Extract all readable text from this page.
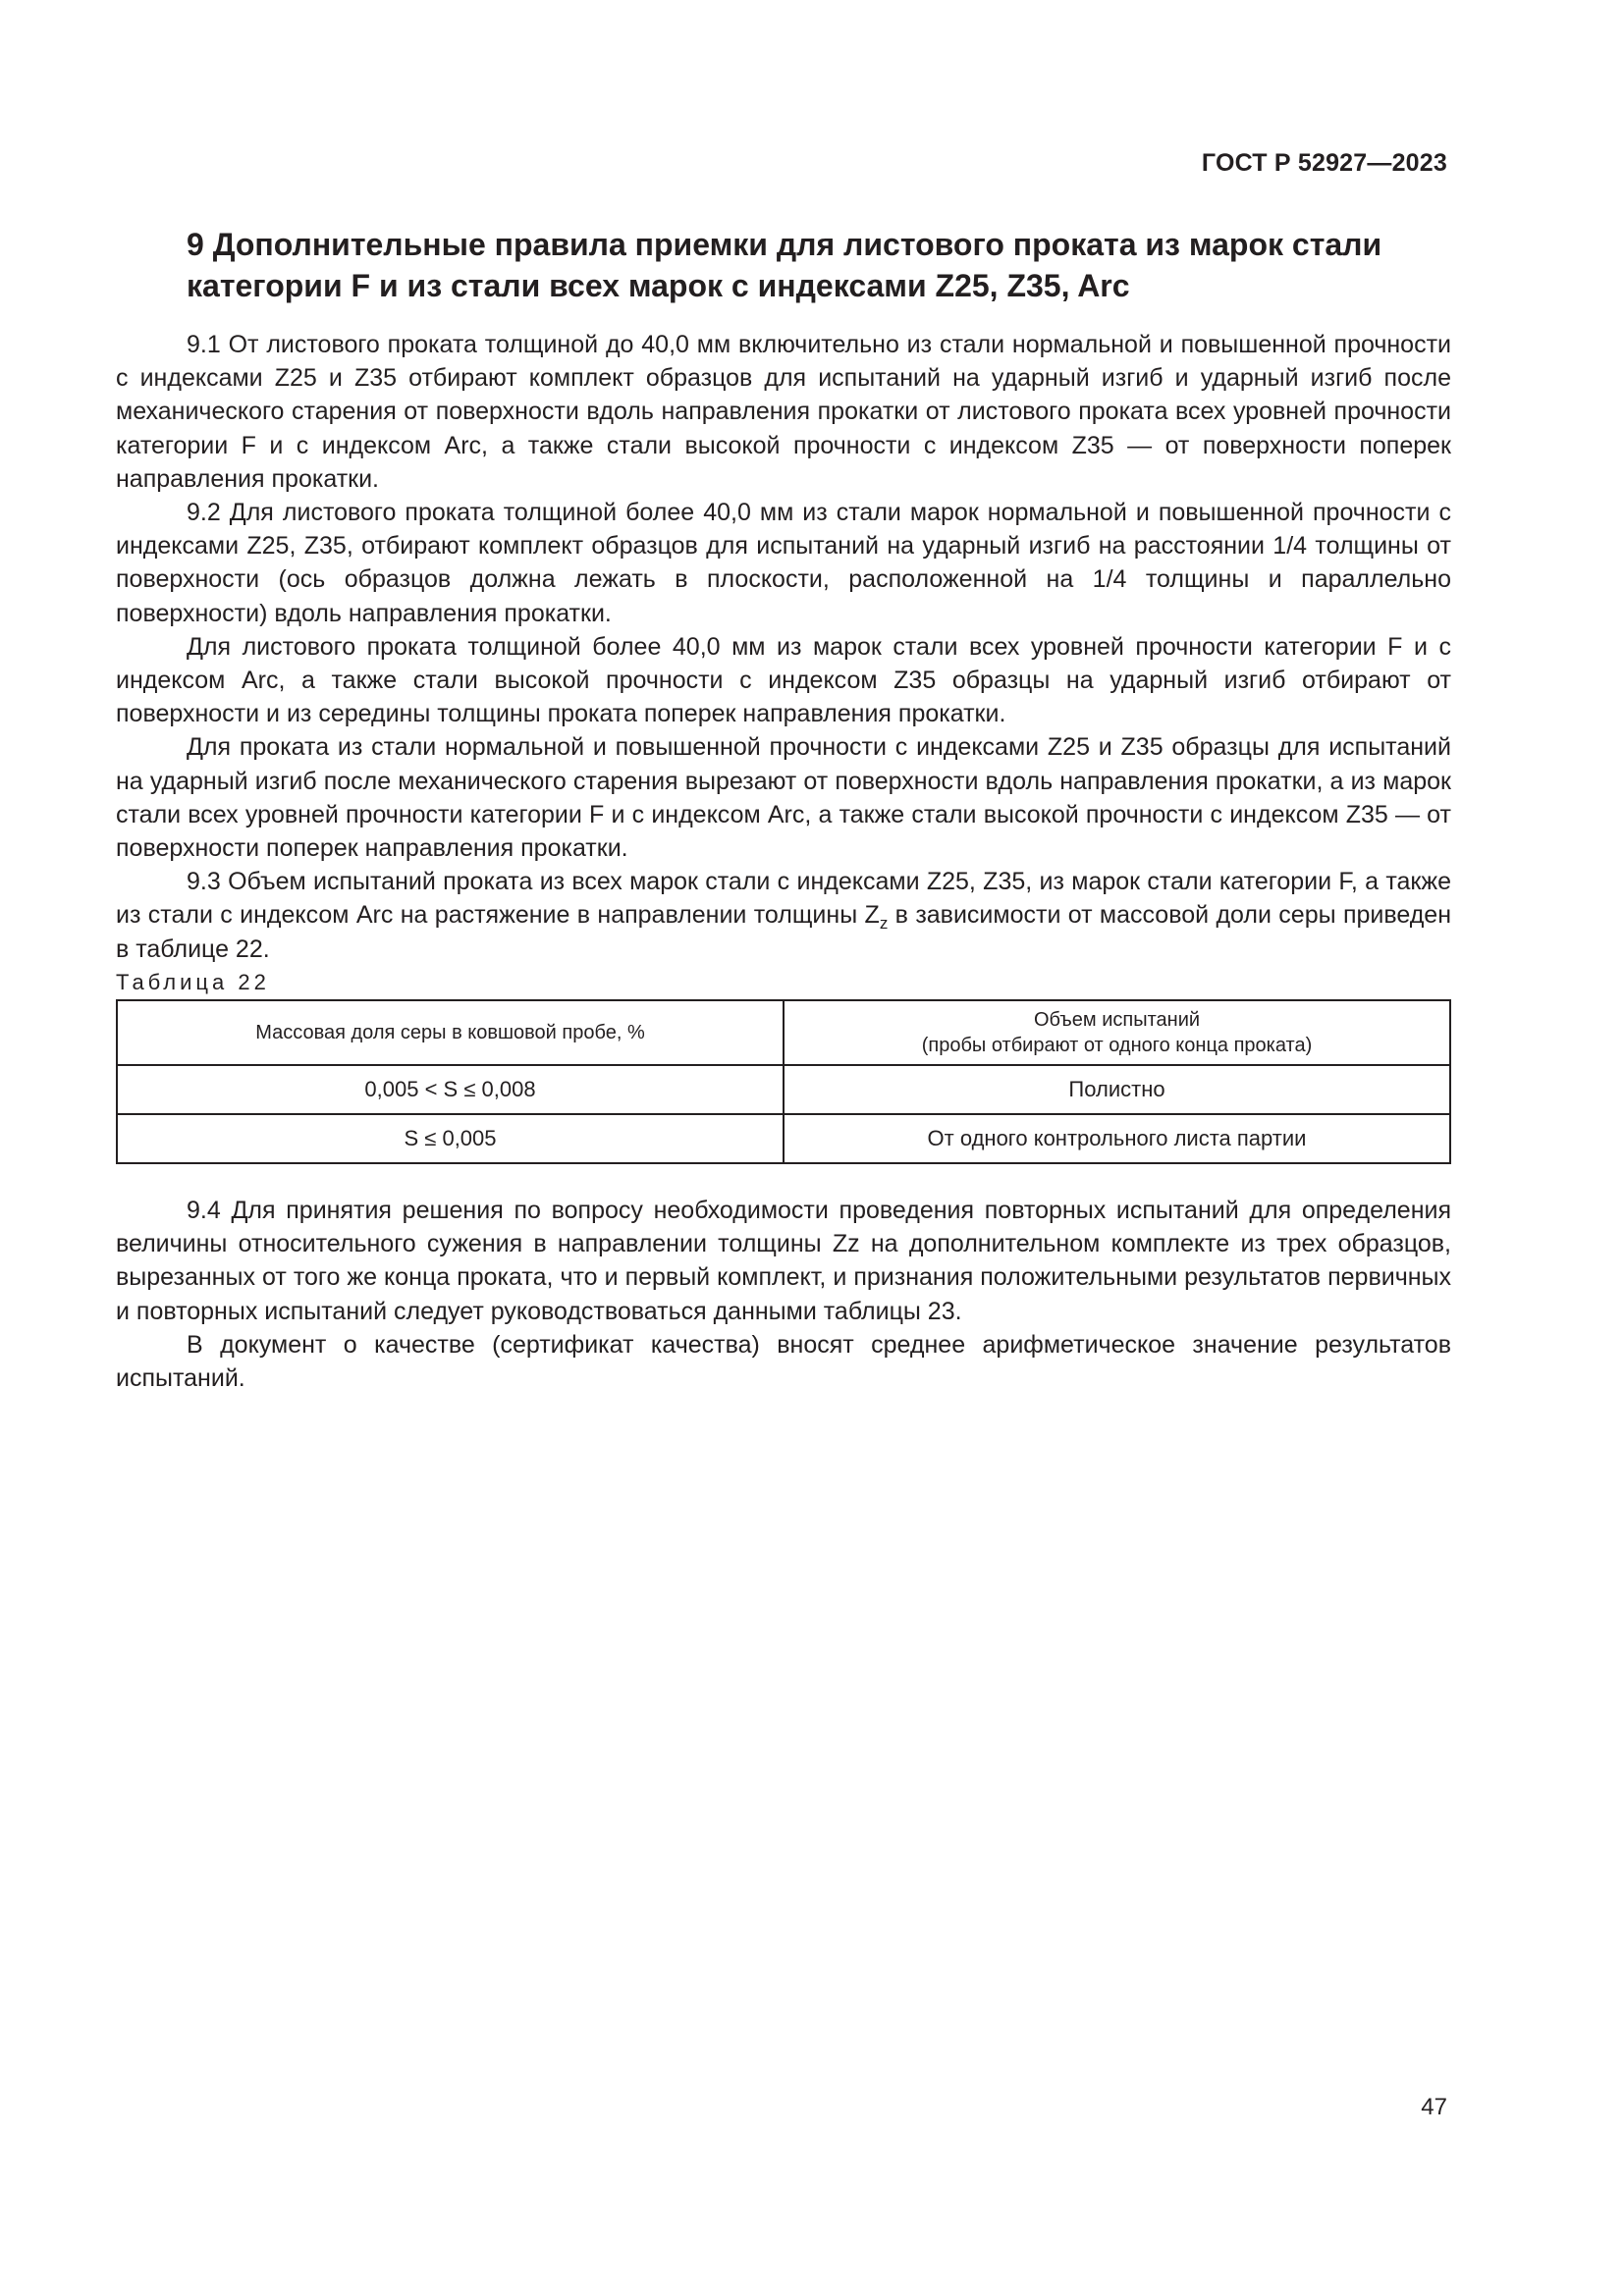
ГОСТ Р 52927—2023
9 Дополнительные правила приемки для листового проката из марок стали категории F и из стали всех марок с индексами Z25, Z35, Arc

9.1 От листового проката толщиной до 40,0 мм включительно из стали нормальной и повышенной прочности с индексами Z25 и Z35 отбирают комплект образцов для испытаний на ударный изгиб и ударный изгиб после механического старения от поверхности вдоль направления прокатки от листового проката всех уровней прочности категории F и с индексом Arc, а также стали высокой прочности с индексом Z35 — от поверхности поперек направления прокатки.

9.2 Для листового проката толщиной более 40,0 мм из стали марок нормальной и повышенной прочности с индексами Z25, Z35, отбирают комплект образцов для испытаний на ударный изгиб на расстоянии 1/4 толщины от поверхности (ось образцов должна лежать в плоскости, расположенной на 1/4 толщины и параллельно поверхности) вдоль направления прокатки.

Для листового проката толщиной более 40,0 мм из марок стали всех уровней прочности категории F и с индексом Arc, а также стали высокой прочности с индексом Z35 образцы на ударный изгиб отбирают от поверхности и из середины толщины проката поперек направления прокатки.

Для проката из стали нормальной и повышенной прочности с индексами Z25 и Z35 образцы для испытаний на ударный изгиб после механического старения вырезают от поверхности вдоль направления прокатки, а из марок стали всех уровней прочности категории F и с индексом Arc, а также стали высокой прочности с индексом Z35 — от поверхности поперек направления прокатки.

9.3 Объем испытаний проката из всех марок стали с индексами Z25, Z35, из марок стали категории F, а также из стали с индексом Arc на растяжение в направлении толщины $Z_z$ в зависимости от массовой доли серы приведен в таблице 22.

Таблица 22

Массовая доля серы в ковшовой пробе, %	Объем испытаний
(пробы отбирают от одного конца проката)

0,005 < S ≤ 0,008	Полистно
S ≤ 0,005	От одного контрольного листа партии

9.4 Для принятия решения по вопросу необходимости проведения повторных испытаний для определения величины относительного сужения в направлении толщины Zz на дополнительном комплекте из трех образцов, вырезанных от того же конца проката, что и первый комплект, и признания положительными результатов первичных и повторных испытаний следует руководствоваться данными таблицы 23.

В документ о качестве (сертификат качества) вносят среднее арифметическое значение результатов испытаний.

47
